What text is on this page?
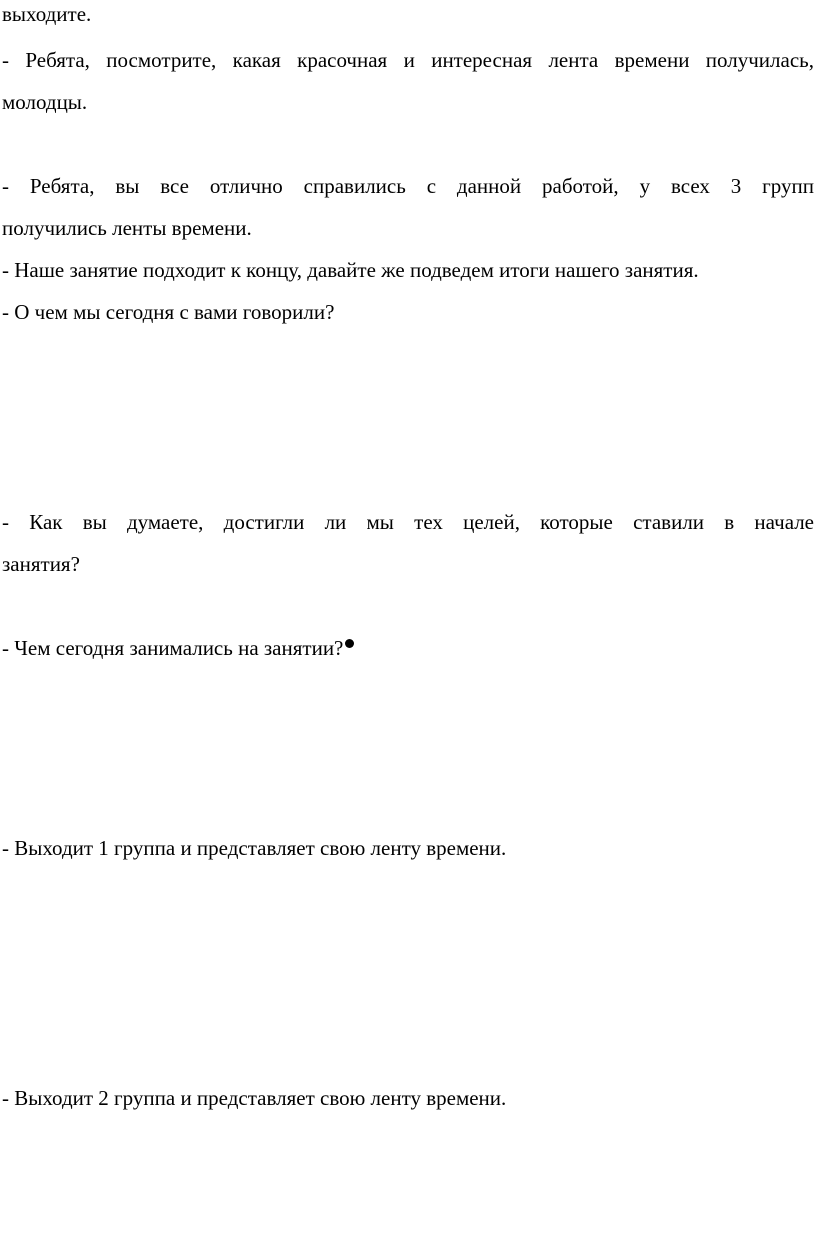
выходите.
- Ребята, посмотрите, какая красочная и интересная лента времени получилась,
молодцы.
- Ребята, вы все отлично справились с данной работой, у всех 3 групп
получились ленты времени.
- Наше занятие подходит к концу, давайте же подведем итоги нашего занятия.
- О чем мы сегодня с вами говорили?
- Как вы думаете, достигли ли мы тех целей, которые ставили в начале
занятия?
- Чем сегодня занимались на занятии?
- Выходит 1 группа и представляет свою ленту времени.
- Выходит 2 группа и представляет свою ленту времени.
